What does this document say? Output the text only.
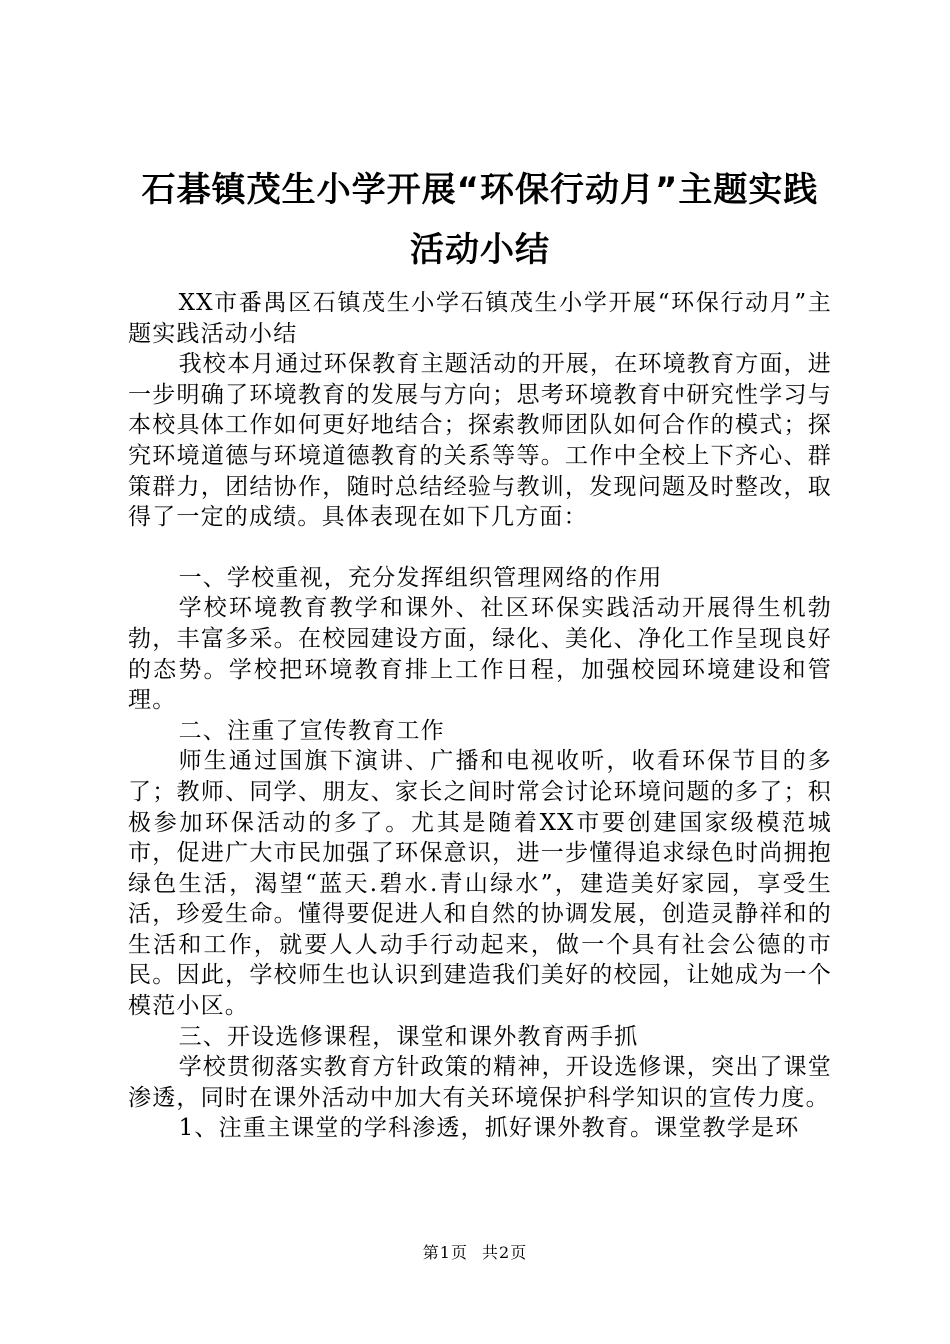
石碁镇茂生小学开展“环保行动月”主题实践
活动小结

XX市番禺区石镇茂生小学石镇茂生小学开展“环保行动月”主题实践活动小结

我校本月通过环保教育主题活动的开展，在环境教育方面，进一步明确了环境教育的发展与方向；思考环境教育中研究性学习与本校具体工作如何更好地结合；探索教师团队如何合作的模式；探究环境道德与环境道德教育的关系等等。工作中全校上下齐心、群策群力，团结协作，随时总结经验与教训，发现问题及时整改，取得了一定的成绩。具体表现在如下几方面：

一、学校重视，充分发挥组织管理网络的作用

学校环境教育教学和课外、社区环保实践活动开展得生机勃勃，丰富多采。在校园建设方面，绿化、美化、净化工作呈现良好的态势。学校把环境教育排上工作日程，加强校园环境建设和管理。

二、注重了宣传教育工作

师生通过国旗下演讲、广播和电视收听，收看环保节目的多了；教师、同学、朋友、家长之间时常会讨论环境问题的多了；积极参加环保活动的多了。尤其是随着XX市要创建国家级模范城市，促进广大市民加强了环保意识，进一步懂得追求绿色时尚拥抱绿色生活，渴望“蓝天.碧水.青山绿水”，建造美好家园，享受生活，珍爱生命。懂得要促进人和自然的协调发展，创造灵静祥和的生活和工作，就要人人动手行动起来，做一个具有社会公德的市民。因此，学校师生也认识到建造我们美好的校园，让她成为一个模范小区。

三、开设选修课程，课堂和课外教育两手抓

学校贯彻落实教育方针政策的精神，开设选修课，突出了课堂渗透，同时在课外活动中加大有关环境保护科学知识的宣传力度。

1、注重主课堂的学科渗透，抓好课外教育。课堂教学是环

第1页 共2页
